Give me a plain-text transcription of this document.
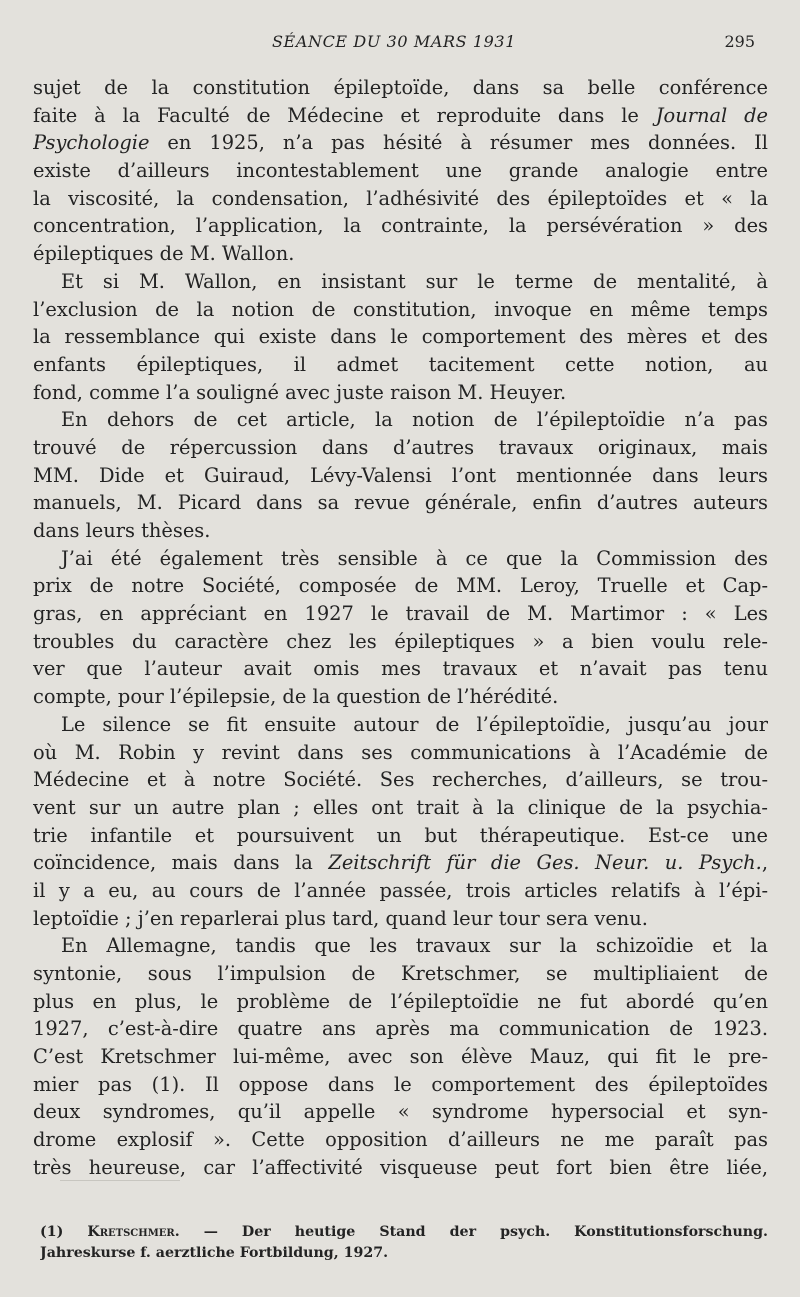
SÉANCE DU 30 MARS 1931	295

sujet de la constitution épileptoïde, dans sa belle conférence
faite à la Faculté de Médecine et reproduite dans le Journal de
Psychologie en 1925, n’a pas hésité à résumer mes données. Il
existe d’ailleurs incontestablement une grande analogie entre
la viscosité, la condensation, l’adhésivité des épileptoïdes et « la
concentration, l’application, la contrainte, la persévération » des
épileptiques de M. Wallon.

Et si M. Wallon, en insistant sur le terme de mentalité, à
l’exclusion de la notion de constitution, invoque en même temps
la ressemblance qui existe dans le comportement des mères et des
enfants épileptiques, il admet tacitement cette notion, au
fond, comme l’a souligné avec juste raison M. Heuyer.

En dehors de cet article, la notion de l’épileptoïdie n’a pas
trouvé de répercussion dans d’autres travaux originaux, mais
MM. Dide et Guiraud, Lévy-Valensi l’ont mentionnée dans leurs
manuels, M. Picard dans sa revue générale, enfin d’autres auteurs
dans leurs thèses.

J’ai été également très sensible à ce que la Commission des
prix de notre Société, composée de MM. Leroy, Truelle et Cap-
gras, en appréciant en 1927 le travail de M. Martimor : « Les
troubles du caractère chez les épileptiques » a bien voulu rele-
ver que l’auteur avait omis mes travaux et n’avait pas tenu
compte, pour l’épilepsie, de la question de l’hérédité.

Le silence se fit ensuite autour de l’épileptoïdie, jusqu’au jour
où M. Robin y revint dans ses communications à l’Académie de
Médecine et à notre Société. Ses recherches, d’ailleurs, se trou-
vent sur un autre plan ; elles ont trait à la clinique de la psychia-
trie infantile et poursuivent un but thérapeutique. Est-ce une
coïncidence, mais dans la Zeitschrift für die Ges. Neur. u. Psych.,
il y a eu, au cours de l’année passée, trois articles relatifs à l’épi-
leptoïdie ; j’en reparlerai plus tard, quand leur tour sera venu.

En Allemagne, tandis que les travaux sur la schizoïdie et la
syntonie, sous l’impulsion de Kretschmer, se multipliaient de
plus en plus, le problème de l’épileptoïdie ne fut abordé qu’en
1927, c’est-à-dire quatre ans après ma communication de 1923.
C’est Kretschmer lui-même, avec son élève Mauz, qui fit le pre-
mier pas (1). Il oppose dans le comportement des épileptoïdes
deux syndromes, qu’il appelle « syndrome hypersocial et syn-
drome explosif ». Cette opposition d’ailleurs ne me paraît pas
très heureuse, car l’affectivité visqueuse peut fort bien être liée,

(1) Kretschmer. — Der heutige Stand der psych. Konstitutionsforschung.
Jahreskurse f. aerztliche Fortbildung, 1927.
